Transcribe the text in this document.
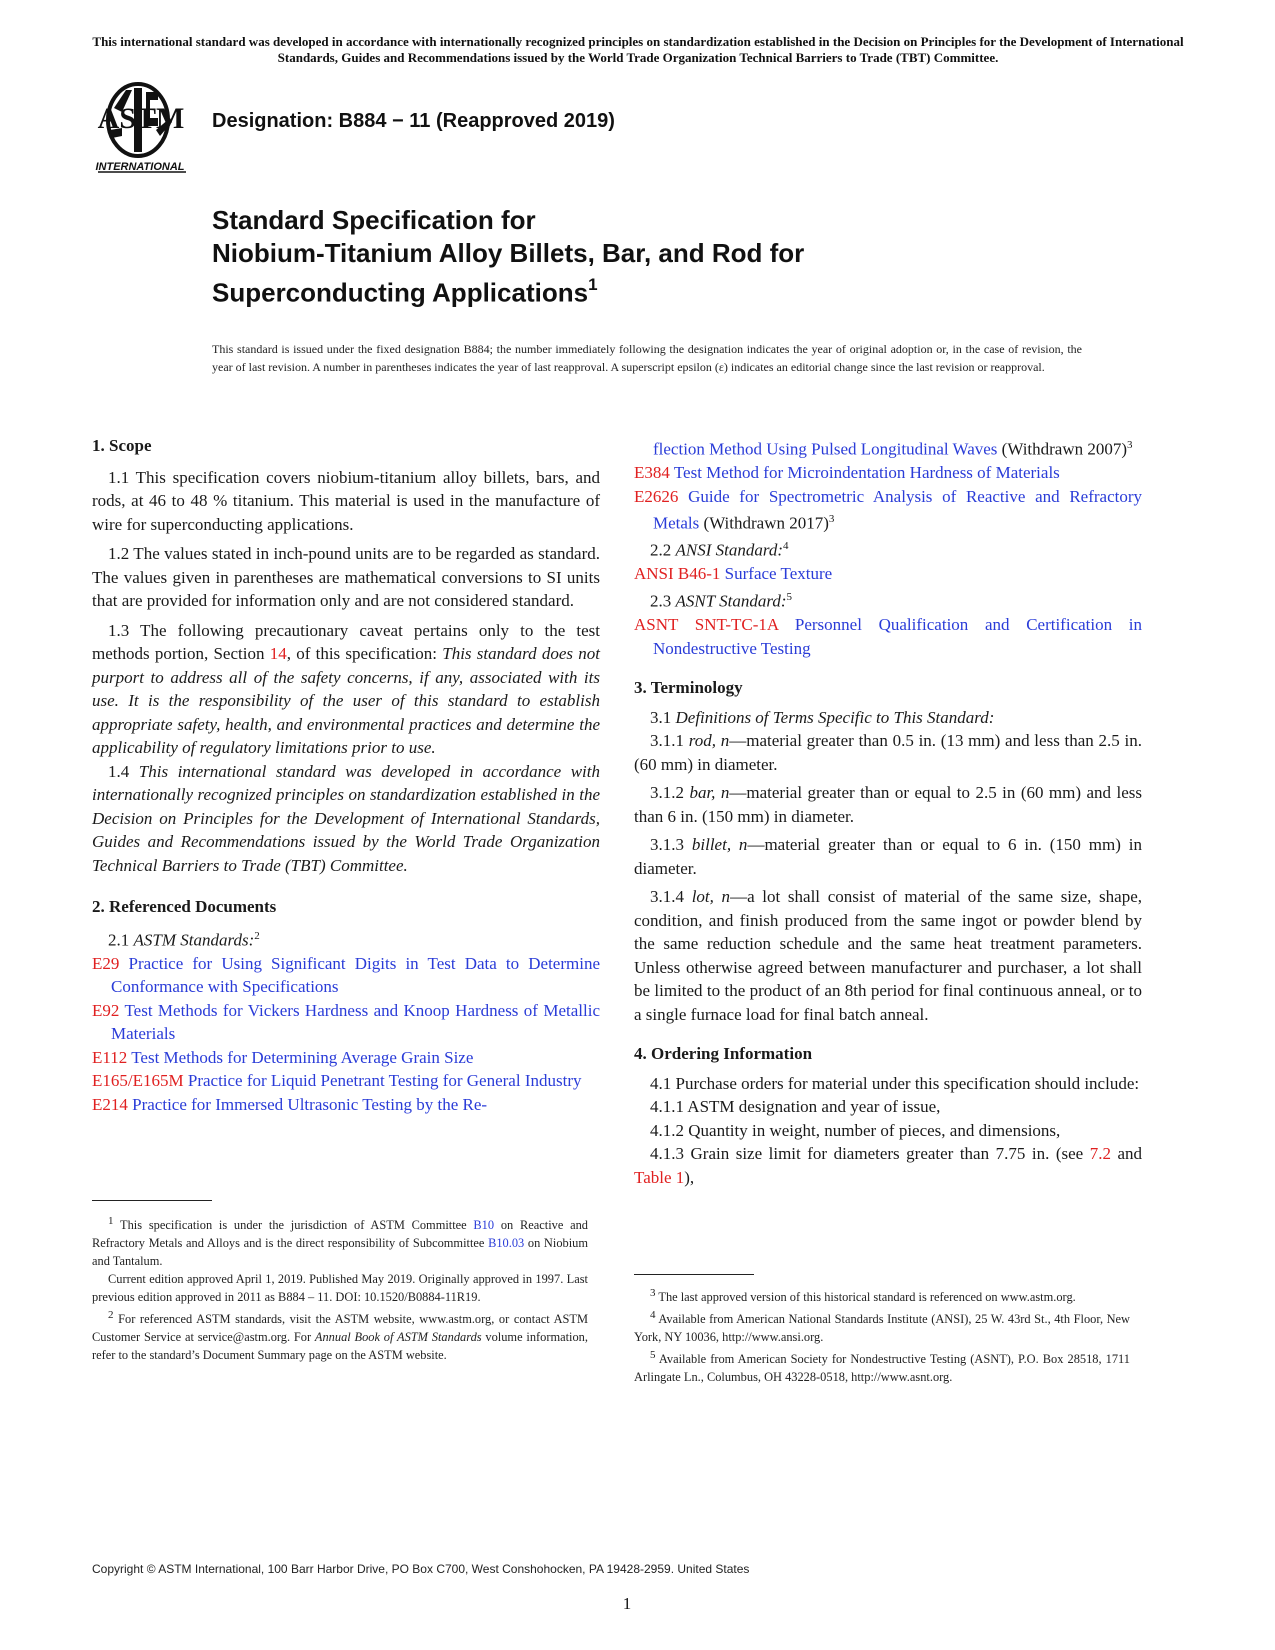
This international standard was developed in accordance with internationally recognized principles on standardization established in the Decision on Principles for the Development of International Standards, Guides and Recommendations issued by the World Trade Organization Technical Barriers to Trade (TBT) Committee.
ASTM
INTERNATIONAL
Designation: B884 − 11 (Reapproved 2019)
Standard Specification for
Niobium-Titanium Alloy Billets, Bar, and Rod for
Superconducting Applications$^1$
This standard is issued under the fixed designation B884; the number immediately following the designation indicates the year of original adoption or, in the case of revision, the year of last revision. A number in parentheses indicates the year of last reapproval. A superscript epsilon (ε) indicates an editorial change since the last revision or reapproval.

1. Scope

1.1 This specification covers niobium-titanium alloy billets, bars, and rods, at 46 to 48 % titanium. This material is used in the manufacture of wire for superconducting applications.

1.2 The values stated in inch-pound units are to be regarded as standard. The values given in parentheses are mathematical conversions to SI units that are provided for information only and are not considered standard.

1.3 The following precautionary caveat pertains only to the test methods portion, Section 14, of this specification: This standard does not purport to address all of the safety concerns, if any, associated with its use. It is the responsibility of the user of this standard to establish appropriate safety, health, and environmental practices and determine the applicability of regulatory limitations prior to use.

1.4 This international standard was developed in accordance with internationally recognized principles on standardization established in the Decision on Principles for the Development of International Standards, Guides and Recommendations issued by the World Trade Organization Technical Barriers to Trade (TBT) Committee.

2. Referenced Documents

2.1 ASTM Standards:$^2$

E29 Practice for Using Significant Digits in Test Data to Determine Conformance with Specifications

E92 Test Methods for Vickers Hardness and Knoop Hardness of Metallic Materials

E112 Test Methods for Determining Average Grain Size

E165/E165M Practice for Liquid Penetrant Testing for General Industry

E214 Practice for Immersed Ultrasonic Testing by the Re-

flection Method Using Pulsed Longitudinal Waves (Withdrawn 2007)$^3$

E384 Test Method for Microindentation Hardness of Materials

E2626 Guide for Spectrometric Analysis of Reactive and Refractory Metals (Withdrawn 2017)$^3$

2.2 ANSI Standard:$^4$

ANSI B46-1 Surface Texture

2.3 ASNT Standard:$^5$

ASNT SNT-TC-1A Personnel Qualification and Certification in Nondestructive Testing

3. Terminology

3.1 Definitions of Terms Specific to This Standard:

3.1.1 rod, n—material greater than 0.5 in. (13 mm) and less than 2.5 in. (60 mm) in diameter.

3.1.2 bar, n—material greater than or equal to 2.5 in (60 mm) and less than 6 in. (150 mm) in diameter.

3.1.3 billet, n—material greater than or equal to 6 in. (150 mm) in diameter.

3.1.4 lot, n—a lot shall consist of material of the same size, shape, condition, and finish produced from the same ingot or powder blend by the same reduction schedule and the same heat treatment parameters. Unless otherwise agreed between manufacturer and purchaser, a lot shall be limited to the product of an 8th period for final continuous anneal, or to a single furnace load for final batch anneal.

4. Ordering Information

4.1 Purchase orders for material under this specification should include:

4.1.1 ASTM designation and year of issue,

4.1.2 Quantity in weight, number of pieces, and dimensions,

4.1.3 Grain size limit for diameters greater than 7.75 in. (see 7.2 and Table 1),

$^1$ This specification is under the jurisdiction of ASTM Committee B10 on Reactive and Refractory Metals and Alloys and is the direct responsibility of Subcommittee B10.03 on Niobium and Tantalum.

Current edition approved April 1, 2019. Published May 2019. Originally approved in 1997. Last previous edition approved in 2011 as B884 – 11. DOI: 10.1520/B0884-11R19.

$^2$ For referenced ASTM standards, visit the ASTM website, www.astm.org, or contact ASTM Customer Service at service@astm.org. For Annual Book of ASTM Standards volume information, refer to the standard’s Document Summary page on the ASTM website.

$^3$ The last approved version of this historical standard is referenced on www.astm.org.

$^4$ Available from American National Standards Institute (ANSI), 25 W. 43rd St., 4th Floor, New York, NY 10036, http://www.ansi.org.

$^5$ Available from American Society for Nondestructive Testing (ASNT), P.O. Box 28518, 1711 Arlingate Ln., Columbus, OH 43228-0518, http://www.asnt.org.

Copyright © ASTM International, 100 Barr Harbor Drive, PO Box C700, West Conshohocken, PA 19428-2959. United States
1
